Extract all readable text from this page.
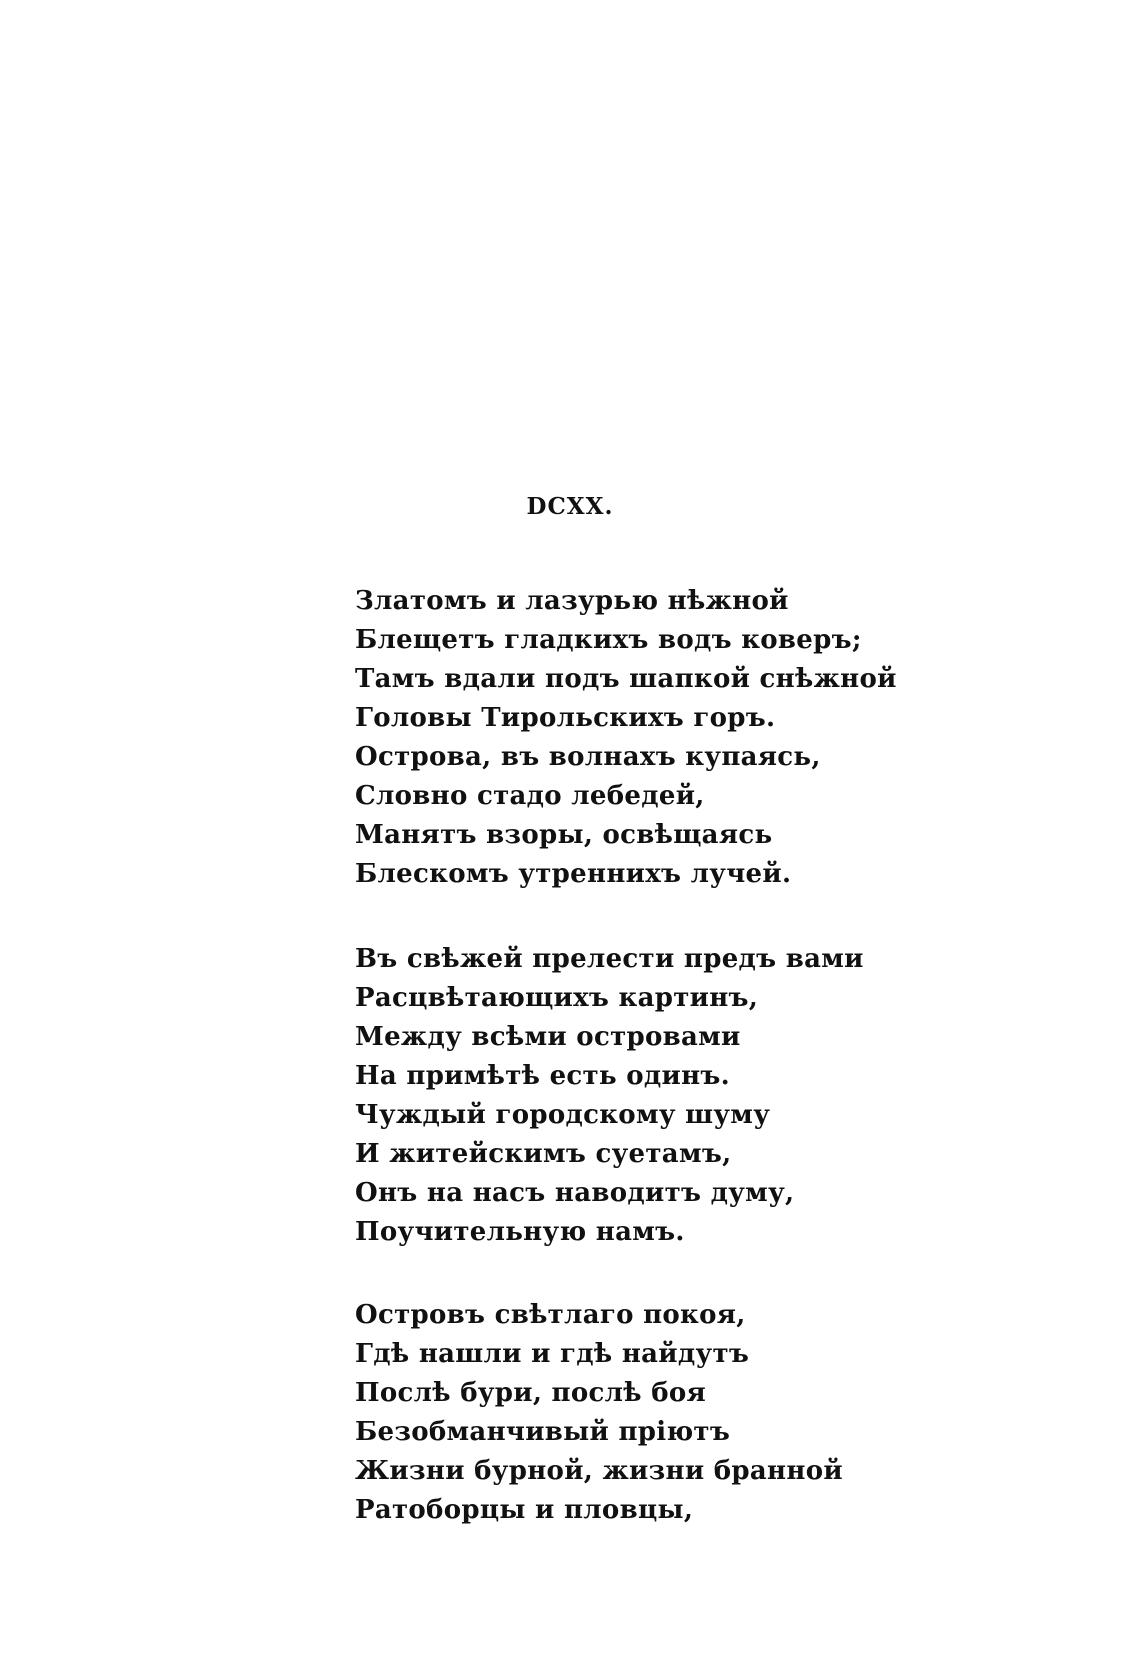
DCXX.
Златомъ и лазурью нѣжной
Блещетъ гладкихъ водъ коверъ;
Тамъ вдали подъ шапкой снѣжной
Головы Тирольскихъ горъ.
Острова, въ волнахъ купаясь,
Словно стадо лебедей,
Манятъ взоры, освѣщаясь
Блескомъ утреннихъ лучей.
Въ свѣжей прелести предъ вами
Расцвѣтающихъ картинъ,
Между всѣми островами
На примѣтѣ есть одинъ.
Чуждый городскому шуму
И житейскимъ суетамъ,
Онъ на насъ наводитъ думу,
Поучительную намъ.
Островъ свѣтлаго покоя,
Гдѣ нашли и гдѣ найдутъ
Послѣ бури, послѣ боя
Безобманчивый прiютъ
Жизни бурной, жизни бранной
Ратоборцы и пловцы,
